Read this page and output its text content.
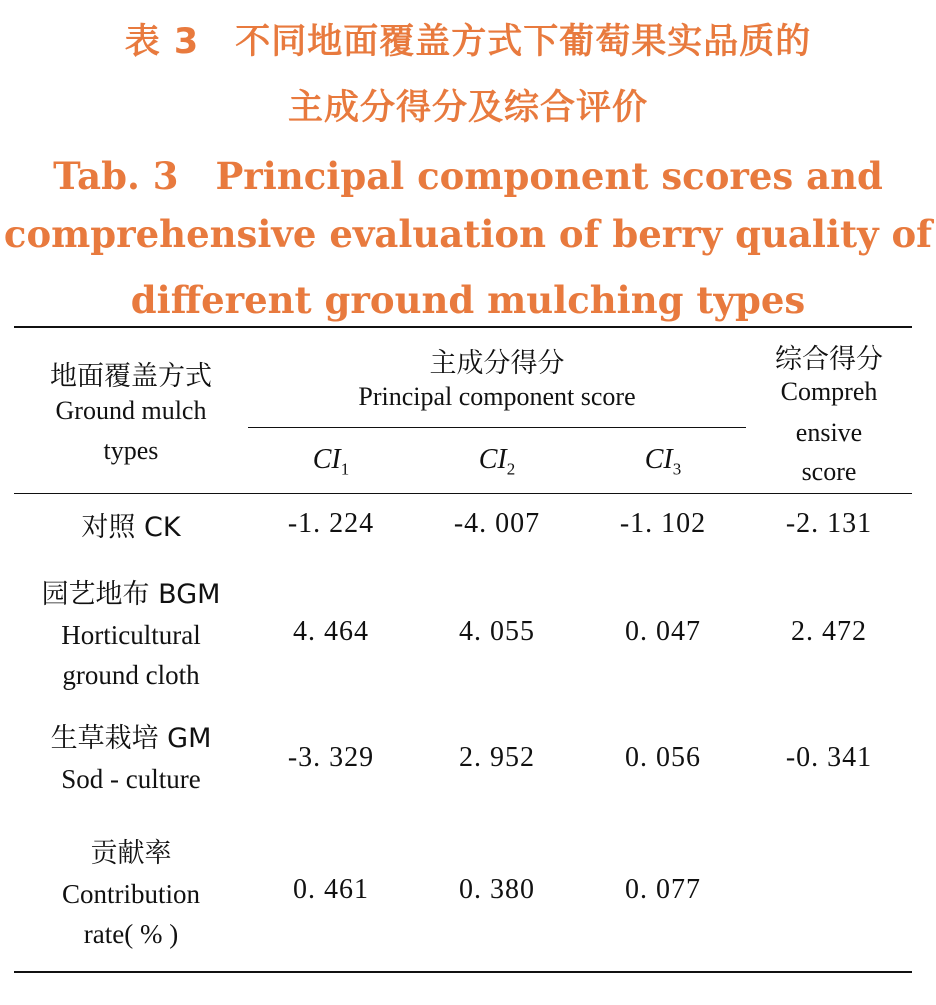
表 3　不同地面覆盖方式下葡萄果实品质的
主成分得分及综合评价
Tab. 3　Principal component scores and
comprehensive evaluation of berry quality of
different ground mulching types
地面覆盖方式
Ground mulch
types
主成分得分
Principal component score
$CI_1$	$CI_2$	$CI_3$
综合得分
Compreh
ensive
score
对照 CK	-1. 224	-4. 007	-1. 102	-2. 131
园艺地布 BGM
Horticultural
ground cloth
4. 464	4. 055	0. 047	2. 472
生草栽培 GM
Sod - culture
-3. 329	2. 952	0. 056	-0. 341
贡献率
Contribution
rate( % )
0. 461	0. 380	0. 077
